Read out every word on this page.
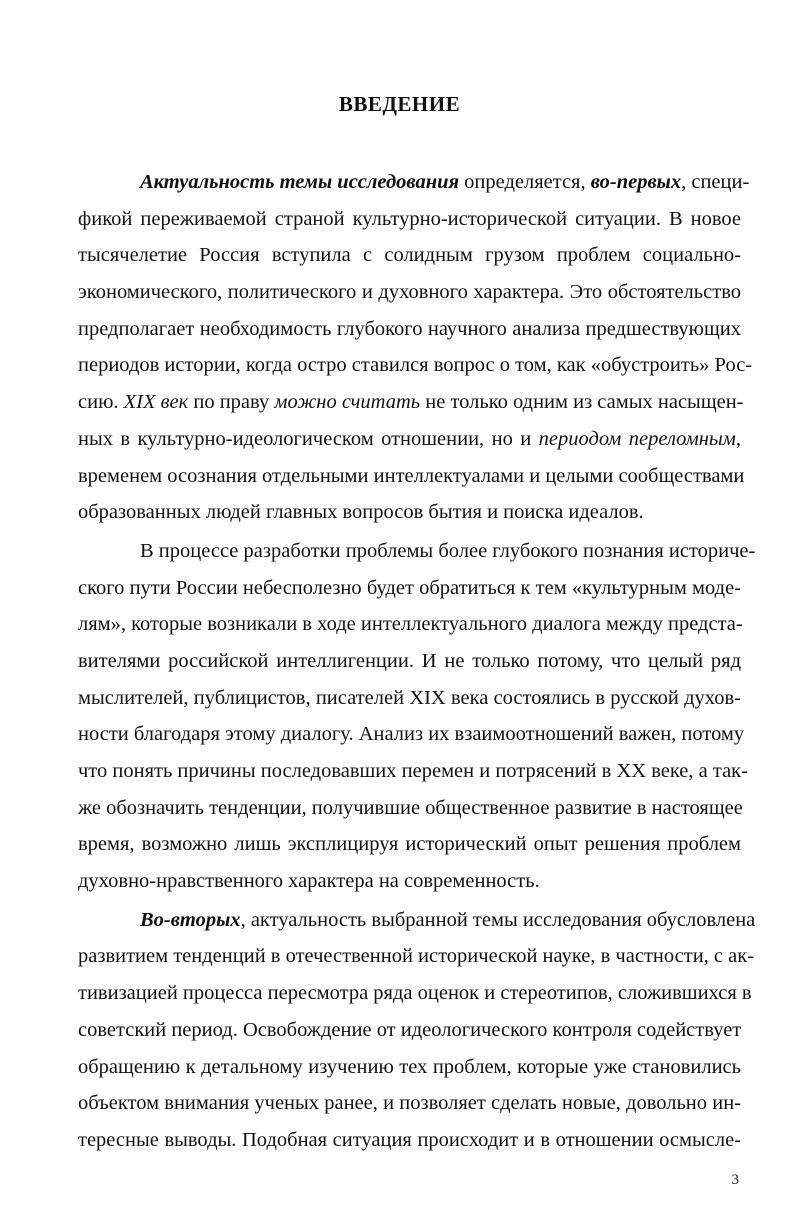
ВВЕДЕНИЕ
Актуальность темы исследования определяется, во-первых, специ-
фикой переживаемой страной культурно-исторической ситуации. В новое
тысячелетие Россия вступила с солидным грузом проблем социально-
экономического, политического и духовного характера. Это обстоятельство
предполагает необходимость глубокого научного анализа предшествующих
периодов истории, когда остро ставился вопрос о том, как «обустроить» Рос-
сию. XIX век по праву можно считать не только одним из самых насыщен-
ных в культурно-идеологическом отношении, но и периодом переломным,
временем осознания отдельными интеллектуалами и целыми сообществами
образованных людей главных вопросов бытия и поиска идеалов.
В процессе разработки проблемы более глубокого познания историче-
ского пути России небесполезно будет обратиться к тем «культурным моде-
лям», которые возникали в ходе интеллектуального диалога между предста-
вителями российской интеллигенции. И не только потому, что целый ряд
мыслителей, публицистов, писателей XIX века состоялись в русской духов-
ности благодаря этому диалогу. Анализ их взаимоотношений важен, потому
что понять причины последовавших перемен и потрясений в XX веке, а так-
же обозначить тенденции, получившие общественное развитие в настоящее
время, возможно лишь эксплицируя исторический опыт решения проблем
духовно-нравственного характера на современность.
Во-вторых, актуальность выбранной темы исследования обусловлена
развитием тенденций в отечественной исторической науке, в частности, с ак-
тивизацией процесса пересмотра ряда оценок и стереотипов, сложившихся в
советский период. Освобождение от идеологического контроля содействует
обращению к детальному изучению тех проблем, которые уже становились
объектом внимания ученых ранее, и позволяет сделать новые, довольно ин-
тересные выводы. Подобная ситуация происходит и в отношении осмысле-
3
